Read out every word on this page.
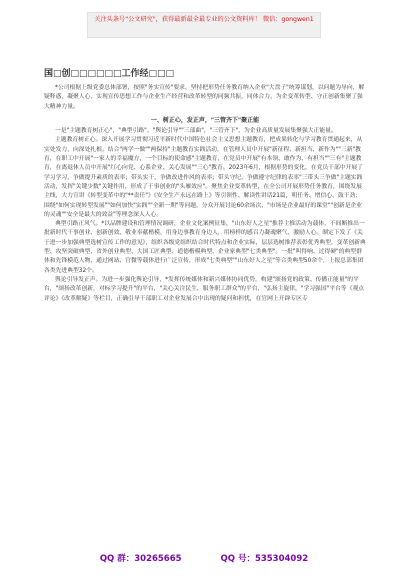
关注头条号"公文研究"，获得最新最全最专业的公文资料库！ 微信：gongwen1
国□创□□□□□□工作经□□□

*公司根据上级党委总体部署，按照"务实宣传"要求，坚持把形势任务教育纳入企业"大盘子"统筹谋划，以问题为导向，解疑释惑，凝聚人心，实现宣传思想工作与企业生产经营和改革转型的同频共振，同体合力，为企变革转型、守正创新集聚了强大精神力量。

一、树正心，发正声，"三管齐下"聚正能

一是"主题教育树正心"，"典型引路"、"舆论引导""三部曲"，"三管齐下"，为企业高质量发展集聚强大正能量。

主题教育树正心。深入开展学习贯彻习近平新时代中国特色社会主义思想主题教育，把成果转化与学习教育贯通起来，从实处发力，向深处扎根。结合"两学一做""两保持"主题教育实践活动，在管理人员中开展"新征程、新担当、新作为""三新"教育，在职工中开展"一家人的幸福魔方，一个目标的使命感"主题教育，在党员中开展"有本领、敢作为、有担当""三有"主题教育，在离退休人员中开展"红心向党、心系企业、关心发展""三心"教育。2023年6月，根据形势的变化，在党员干部中开展了学习学习，争做提升素质的表率；带头实干，争做改进作风的表率；带头守纪，争做遵守纪律的表率"三带头三争做"主题实践活动，发挥"关键少数"关键作用，形成了干事创业的"头雁效应"。聚焦企业变革转型，在全公司开展形势任务教育，围绕发展主线，大力宣讲《转型变革中的"**责任"》《安全生产永远在路上》等引领性、解读性讲话21篇，明任务、增信心、鼓干劲；围绕"如何实现转型发展""如何加快"实践""全新一期"等问题，分众开展讨论60余场次，"市场是企业最好的课堂""创新是企业的灵魂""安全是最大的效益"等理念深入人心。

典型引路正风气。*以品牌建设和管理情况调研，企业文化案例征集，"山东好人之星"推荐主推活动为载体，不间断推出一批新时代干事创业、创新创效、敬业奉献楷模，用身边事教育身边人，用榜样的感召力凝魂聚气、激励人心。制定下发了《关于进一步加强典型选树宣传工作的意见》，组织各级党组织结合时代特点和企业实际，层层选树推荐表彰优秀典型，变革创新典型、攻坚突破典型、省外创业典型、大国工匠典型、道德楷模典型、企业家典型"七类典型"。一批"叫得响、过得硬"的典型群体和先锋模范人物，通过网站、官微等载体进行广泛宣传，形成"七类典型""山东好人之星"等合类典型50余个，上报总部集团各类先进典型32个。

舆论引导发正声。为进一步强化舆论引导，*发挥传统媒体和新兴媒体协同优势，构建"颂扬党的政策、传播正能量"的平台，"颂扬改革创新，对标学习提升"的平台，"关心关注民生，服务职工群众"的平台，"弘扬主旋律，"学习强国"平台等《观点评论》《改革解疑》等栏目，正确引导干部职工对企业发展合中出现的疑问和担忧，在官网上开辟专区专

QQ 群：30265665	QQ 号：535304092
